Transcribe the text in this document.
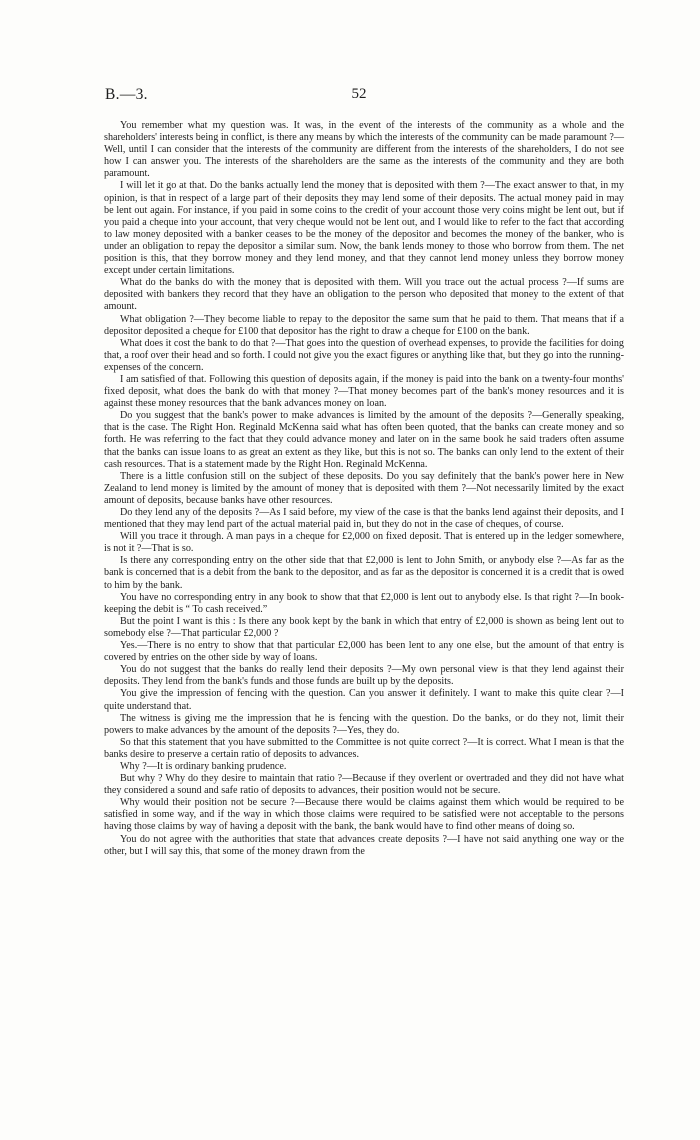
B.—3.	52

You remember what my question was. It was, in the event of the interests of the community as a whole and the shareholders' interests being in conflict, is there any means by which the interests of the community can be made paramount ?—Well, until I can consider that the interests of the community are different from the interests of the shareholders, I do not see how I can answer you. The interests of the shareholders are the same as the interests of the community and they are both paramount.

I will let it go at that. Do the banks actually lend the money that is deposited with them ?—The exact answer to that, in my opinion, is that in respect of a large part of their deposits they may lend some of their deposits. The actual money paid in may be lent out again. For instance, if you paid in some coins to the credit of your account those very coins might be lent out, but if you paid a cheque into your account, that very cheque would not be lent out, and I would like to refer to the fact that according to law money deposited with a banker ceases to be the money of the depositor and becomes the money of the banker, who is under an obligation to repay the depositor a similar sum. Now, the bank lends money to those who borrow from them. The net position is this, that they borrow money and they lend money, and that they cannot lend money unless they borrow money except under certain limitations.

What do the banks do with the money that is deposited with them. Will you trace out the actual process ?—If sums are deposited with bankers they record that they have an obligation to the person who deposited that money to the extent of that amount.

What obligation ?—They become liable to repay to the depositor the same sum that he paid to them. That means that if a depositor deposited a cheque for £100 that depositor has the right to draw a cheque for £100 on the bank.

What does it cost the bank to do that ?—That goes into the question of overhead expenses, to provide the facilities for doing that, a roof over their head and so forth. I could not give you the exact figures or anything like that, but they go into the running-expenses of the concern.

I am satisfied of that. Following this question of deposits again, if the money is paid into the bank on a twenty-four months' fixed deposit, what does the bank do with that money ?—That money becomes part of the bank's money resources and it is against these money resources that the bank advances money on loan.

Do you suggest that the bank's power to make advances is limited by the amount of the deposits ?—Generally speaking, that is the case. The Right Hon. Reginald McKenna said what has often been quoted, that the banks can create money and so forth. He was referring to the fact that they could advance money and later on in the same book he said traders often assume that the banks can issue loans to as great an extent as they like, but this is not so. The banks can only lend to the extent of their cash resources. That is a statement made by the Right Hon. Reginald McKenna.

There is a little confusion still on the subject of these deposits. Do you say definitely that the bank's power here in New Zealand to lend money is limited by the amount of money that is deposited with them ?—Not necessarily limited by the exact amount of deposits, because banks have other resources.

Do they lend any of the deposits ?—As I said before, my view of the case is that the banks lend against their deposits, and I mentioned that they may lend part of the actual material paid in, but they do not in the case of cheques, of course.

Will you trace it through. A man pays in a cheque for £2,000 on fixed deposit. That is entered up in the ledger somewhere, is not it ?—That is so.

Is there any corresponding entry on the other side that that £2,000 is lent to John Smith, or anybody else ?—As far as the bank is concerned that is a debit from the bank to the depositor, and as far as the depositor is concerned it is a credit that is owed to him by the bank.

You have no corresponding entry in any book to show that that £2,000 is lent out to anybody else. Is that right ?—In book-keeping the debit is “ To cash received.”

But the point I want is this : Is there any book kept by the bank in which that entry of £2,000 is shown as being lent out to somebody else ?—That particular £2,000 ?

Yes.—There is no entry to show that that particular £2,000 has been lent to any one else, but the amount of that entry is covered by entries on the other side by way of loans.

You do not suggest that the banks do really lend their deposits ?—My own personal view is that they lend against their deposits. They lend from the bank's funds and those funds are built up by the deposits.

You give the impression of fencing with the question. Can you answer it definitely. I want to make this quite clear ?—I quite understand that.

The witness is giving me the impression that he is fencing with the question. Do the banks, or do they not, limit their powers to make advances by the amount of the deposits ?—Yes, they do.

So that this statement that you have submitted to the Committee is not quite correct ?—It is correct. What I mean is that the banks desire to preserve a certain ratio of deposits to advances.

Why ?—It is ordinary banking prudence.

But why ? Why do they desire to maintain that ratio ?—Because if they overlent or overtraded and they did not have what they considered a sound and safe ratio of deposits to advances, their position would not be secure.

Why would their position not be secure ?—Because there would be claims against them which would be required to be satisfied in some way, and if the way in which those claims were required to be satisfied were not acceptable to the persons having those claims by way of having a deposit with the bank, the bank would have to find other means of doing so.

You do not agree with the authorities that state that advances create deposits ?—I have not said anything one way or the other, but I will say this, that some of the money drawn from the
